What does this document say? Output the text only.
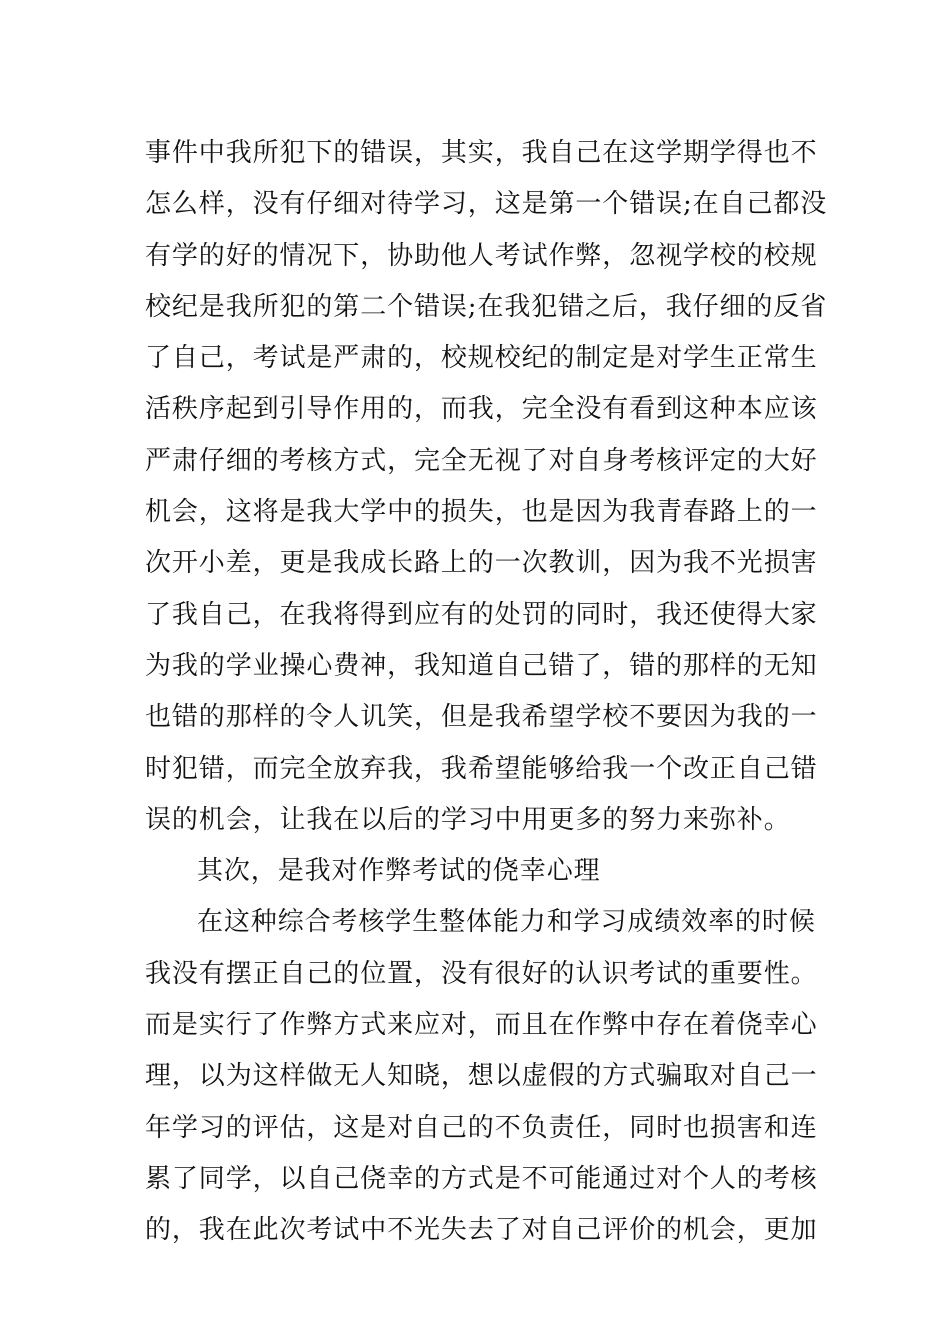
事件中我所犯下的错误，其实，我自己在这学期学得也不
怎么样，没有仔细对待学习，这是第一个错误;在自己都没
有学的好的情况下，协助他人考试作弊，忽视学校的校规
校纪是我所犯的第二个错误;在我犯错之后，我仔细的反省
了自己，考试是严肃的，校规校纪的制定是对学生正常生
活秩序起到引导作用的，而我，完全没有看到这种本应该
严肃仔细的考核方式，完全无视了对自身考核评定的大好
机会，这将是我大学中的损失，也是因为我青春路上的一
次开小差，更是我成长路上的一次教训，因为我不光损害
了我自己，在我将得到应有的处罚的同时，我还使得大家
为我的学业操心费神，我知道自己错了，错的那样的无知
也错的那样的令人讥笑，但是我希望学校不要因为我的一
时犯错，而完全放弃我，我希望能够给我一个改正自己错
误的机会，让我在以后的学习中用更多的努力来弥补。
其次，是我对作弊考试的侥幸心理
在这种综合考核学生整体能力和学习成绩效率的时候
我没有摆正自己的位置，没有很好的认识考试的重要性。
而是实行了作弊方式来应对，而且在作弊中存在着侥幸心
理，以为这样做无人知晓，想以虚假的方式骗取对自己一
年学习的评估，这是对自己的不负责任，同时也损害和连
累了同学，以自己侥幸的方式是不可能通过对个人的考核
的，我在此次考试中不光失去了对自己评价的机会，更加
